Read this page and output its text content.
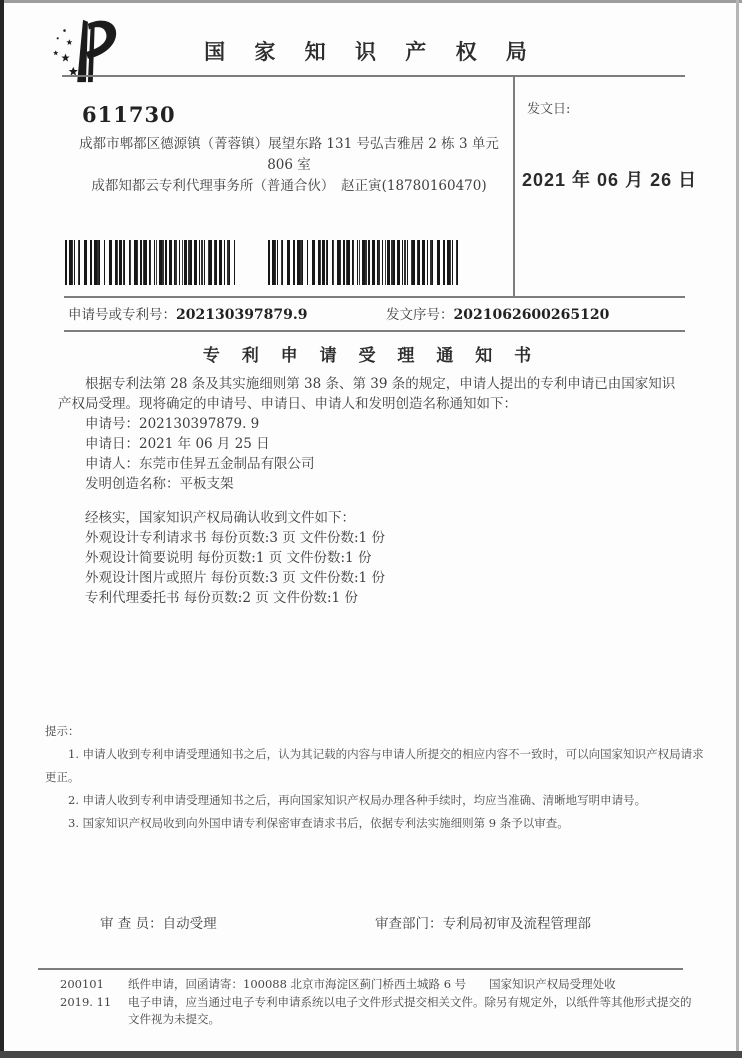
国 家 知 识 产 权 局
611730
成都市郫都区德源镇（菁蓉镇）展望东路 131 号弘吉雅居 2 栋 3 单元
806 室
成都知都云专利代理事务所（普通合伙）　赵正寅(18780160470)
发文日:
2021 年 06 月 26 日
申请号或专利号：202130397879.9	发文序号：2021062600265120
专 利 申 请 受 理 通 知 书

根据专利法第 28 条及其实施细则第 38 条、第 39 条的规定，申请人提出的专利申请已由国家知识产权局受理。现将确定的申请号、申请日、申请人和发明创造名称通知如下：

申请号：202130397879. 9
申请日：2021 年 06 月 25 日
申请人：东莞市佳昇五金制品有限公司
发明创造名称：平板支架
经核实，国家知识产权局确认收到文件如下：
外观设计专利请求书 每份页数:3 页 文件份数:1 份
外观设计简要说明 每份页数:1 页 文件份数:1 份
外观设计图片或照片 每份页数:3 页 文件份数:1 份
专利代理委托书 每份页数:2 页 文件份数:1 份
提示：
1. 申请人收到专利申请受理通知书之后，认为其记载的内容与申请人所提交的相应内容不一致时，可以向国家知识产权局请求更正。
2. 申请人收到专利申请受理通知书之后，再向国家知识产权局办理各种手续时，均应当准确、清晰地写明申请号。
3. 国家知识产权局收到向外国申请专利保密审查请求书后，依据专利法实施细则第 9 条予以审查。
审 查 员：自动受理	审查部门：专利局初审及流程管理部
200101
2019. 11
纸件申请，回函请寄：100088 北京市海淀区蓟门桥西土城路 6 号　　国家知识产权局受理处收
电子申请，应当通过电子专利申请系统以电子文件形式提交相关文件。除另有规定外，以纸件等其他形式提交的文件视为未提交。
